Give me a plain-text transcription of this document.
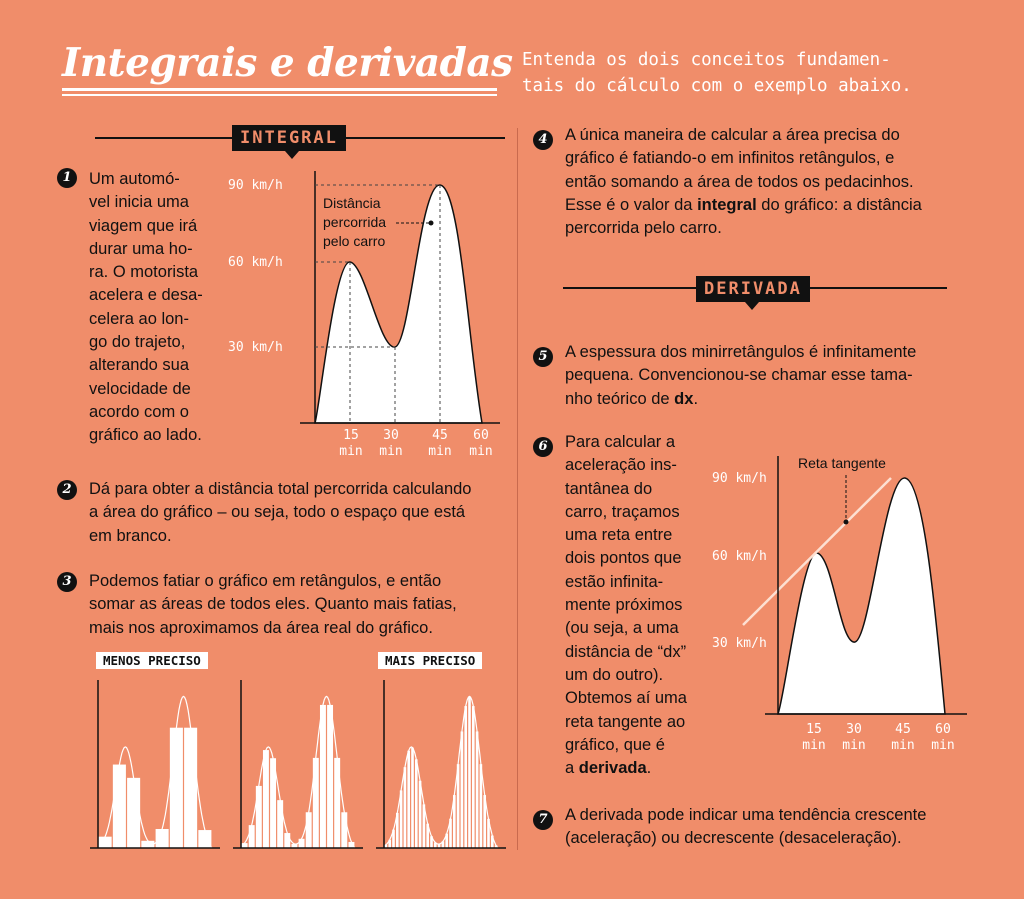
Integrais e derivadas Entenda os dois conceitos fundamen-
tais do cálculo com o exemplo abaixo.
INTEGRAL
1	Um automó-
vel inicia uma
viagem que irá
durar uma ho-
ra. O motorista
acelera e desa-
celera ao lon-
go do trajeto,
alterando sua
velocidade de
acordo com o
gráfico ao lado.
90 km/h
60 km/h
30 km/h
15 30	45 60
min min min min
Distância
percorrida
pelo carro
2	Dá para obter a distância total percorrida calculando
a área do gráfico – ou seja, todo o espaço que está
em branco.
3	Podemos fatiar o gráfico em retângulos, e então
somar as áreas de todos eles. Quanto mais fatias,
mais nos aproximamos da área real do gráfico.
MENOS PRECISO	MAIS PRECISO
4	A única maneira de calcular a área precisa do
gráfico é fatiando-o em infinitos retângulos, e
então somando a área de todos os pedacinhos.
Esse é o valor da integral do gráfico: a distância
percorrida pelo carro.
DERIVADA
5	A espessura dos minirretângulos é infinitamente
pequena. Convencionou-se chamar esse tama-
nho teórico de dx.
6	Para calcular a
aceleração ins-
tantânea do
carro, traçamos
uma reta entre
dois pontos que
estão infinita-
mente próximos
(ou seja, a uma
distância de “dx”
um do outro).
Obtemos aí uma
reta tangente ao
gráfico, que é
a derivada.
Reta tangente
90 km/h
60 km/h
30 km/h
15 30	45 60
min min min min
7	A derivada pode indicar uma tendência crescente
(aceleração) ou decrescente (desaceleração).
